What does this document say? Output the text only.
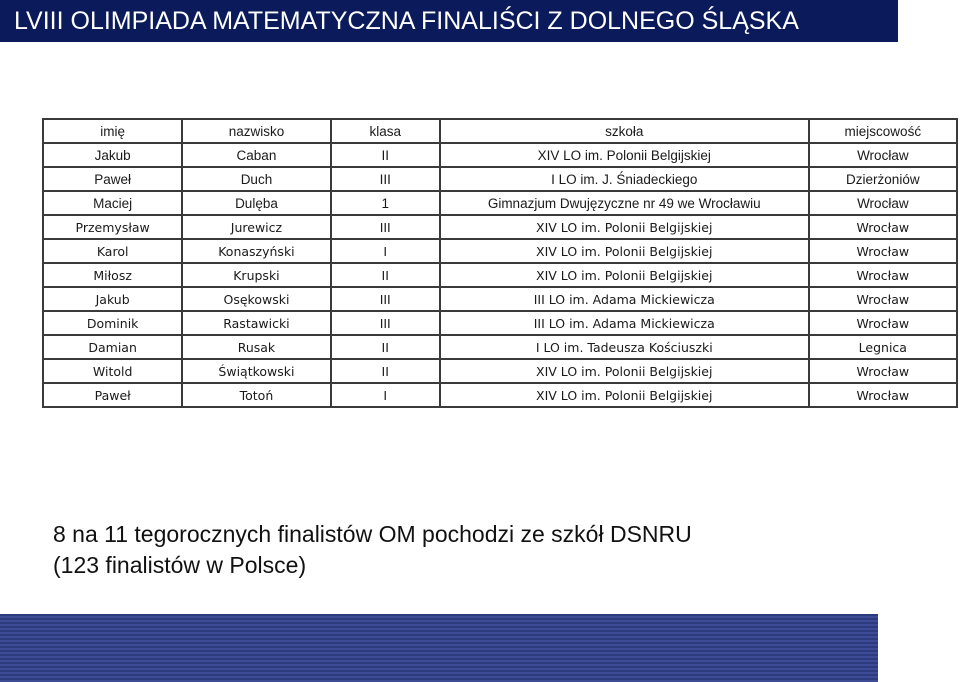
LVIII OLIMPIADA MATEMATYCZNA FINALIŚCI Z DOLNEGO ŚLĄSKA
imię	nazwisko	klasa	szkoła	miejscowość
Jakub	Caban	II	XIV LO im. Polonii Belgijskiej	Wrocław
Paweł	Duch	III	I LO im. J. Śniadeckiego	Dzierżoniów
Maciej	Dulęba	1	Gimnazjum Dwujęzyczne nr 49 we Wrocławiu	Wrocław
Przemysław	Jurewicz	III	XIV LO im. Polonii Belgijskiej	Wrocław
Karol	Konaszyński	I	XIV LO im. Polonii Belgijskiej	Wrocław
Miłosz	Krupski	II	XIV LO im. Polonii Belgijskiej	Wrocław
Jakub	Osękowski	III	III LO im. Adama Mickiewicza	Wrocław
Dominik	Rastawicki	III	III LO im. Adama Mickiewicza	Wrocław
Damian	Rusak	II	I LO im. Tadeusza Kościuszki	Legnica
Witold	Świątkowski	II	XIV LO im. Polonii Belgijskiej	Wrocław
Paweł	Totoń	I	XIV LO im. Polonii Belgijskiej	Wrocław
8 na 11 tegorocznych finalistów OM pochodzi ze szkół DSNRU
(123 finalistów w Polsce)
